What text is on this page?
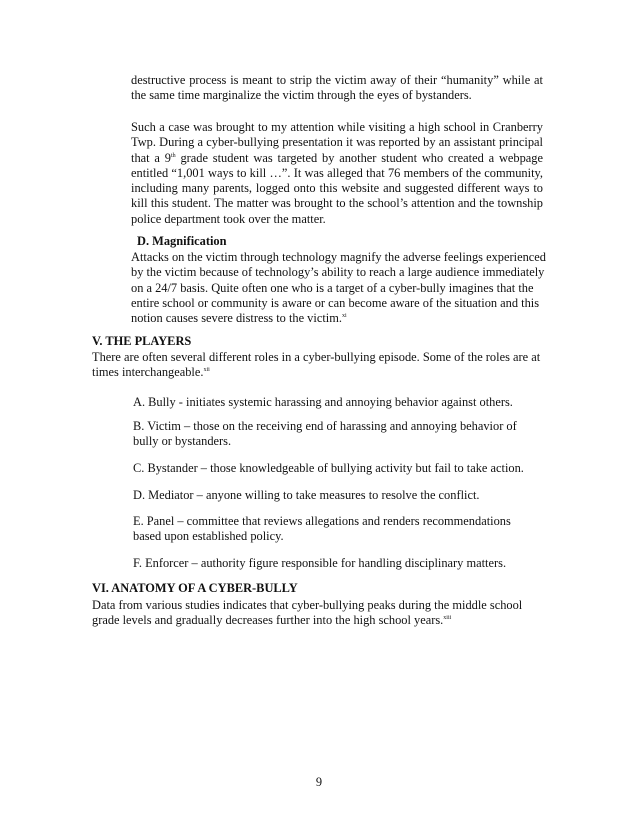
destructive process is meant to strip the victim away of their “humanity” while at the same time marginalize the victim through the eyes of bystanders.

Such a case was brought to my attention while visiting a high school in Cranberry Twp. During a cyber-bullying presentation it was reported by an assistant principal that a 9th grade student was targeted by another student who created a webpage entitled “1,001 ways to kill …”. It was alleged that 76 members of the community, including many parents, logged onto this website and suggested different ways to kill this student. The matter was brought to the school’s attention and the township police department took over the matter.

D. Magnification

Attacks on the victim through technology magnify the adverse feelings experienced by the victim because of technology’s ability to reach a large audience immediately on a 24/7 basis. Quite often one who is a target of a cyber-bully imagines that the entire school or community is aware or can become aware of the situation and this notion causes severe distress to the victim.$^{xi}$

V. THE PLAYERS

There are often several different roles in a cyber-bullying episode. Some of the roles are at times interchangeable.$^{xii}$

A. Bully - initiates systemic harassing and annoying behavior against others.

B. Victim – those on the receiving end of harassing and annoying behavior of bully or bystanders.

C. Bystander – those knowledgeable of bullying activity but fail to take action.

D. Mediator – anyone willing to take measures to resolve the conflict.

E. Panel – committee that reviews allegations and renders recommendations based upon established policy.

F. Enforcer – authority figure responsible for handling disciplinary matters.

VI. ANATOMY OF A CYBER-BULLY

Data from various studies indicates that cyber-bullying peaks during the middle school grade levels and gradually decreases further into the high school years.$^{xiii}$

9
